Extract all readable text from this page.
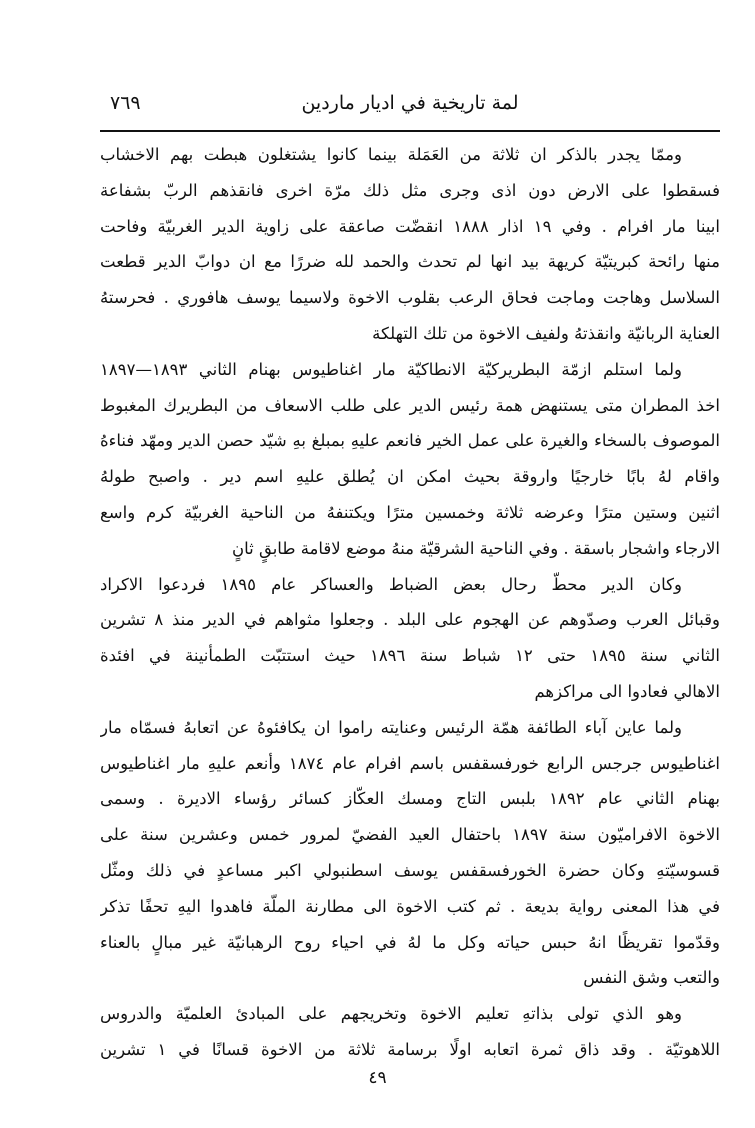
لمة تاريخية في اديار ماردين
٧٦٩
وممّا يجدر بالذكر ان ثلاثة من العَمَلة بينما كانوا يشتغلون هبطت بهم الاخشاب
فسقطوا على الارض دون اذى وجرى مثل ذلك مرّة اخرى فانقذهم الربّ بشفاعة
ابينا مار افرام . وفي ١٩ اذار ١٨٨٨ انقضّت صاعقة على زاوية الدير الغربيّة وفاحت
منها رائحة كبريتيّة كريهة بيد انها لم تحدث والحمد لله ضررًا مع ان دوابّ الدير قطعت
السلاسل وهاجت وماجت فحاق الرعب بقلوب الاخوة ولاسيما يوسف هافوري . فحرستهُ
العناية الربانيّة وانقذتهُ ولفيف الاخوة من تلك التهلكة
ولما استلم ازمّة البطريركيّة الانطاكيّة مار اغناطيوس بهنام الثاني ١٨٩٣—١٨٩٧
اخذ المطران متى يستنهض همة رئيس الدير على طلب الاسعاف من البطريرك المغبوط
الموصوف بالسخاء والغيرة على عمل الخير فانعم عليهِ بمبلغ بهِ شيّد حصن الدير ومهّد فناءهُ
واقام لهُ بابًا خارجيًا واروقة بحيث امكن ان يُطلق عليهِ اسم دير . واصبح طولهُ
اثنين وستين مترًا وعرضه ثلاثة وخمسين مترًا ويكتنفهُ من الناحية الغربيّة كرم واسع
الارجاء واشجار باسقة . وفي الناحية الشرقيّة منهُ موضع لاقامة طابقٍ ثانٍ
وكان الدير محطّ رحال بعض الضباط والعساكر عام ١٨٩٥ فردعوا الاكراد
وقبائل العرب وصدّوهم عن الهجوم على البلد . وجعلوا مثواهم في الدير منذ ٨ تشرين
الثاني سنة ١٨٩٥ حتى ١٢ شباط سنة ١٨٩٦ حيث استتبّت الطمأنينة في افئدة
الاهالي فعادوا الى مراكزهم
ولما عاين آباء الطائفة همّة الرئيس وعنايته راموا ان يكافئوهُ عن اتعابهُ فسمّاه مار
اغناطيوس جرجس الرابع خورفسقفس باسم افرام عام ١٨٧٤ وأنعم عليهِ مار اغناطيوس
بهنام الثاني عام ١٨٩٢ بلبس التاج ومسك العكّاز كسائر رؤساء الاديرة . وسمى
الاخوة الافراميّون سنة ١٨٩٧ باحتفال العيد الفضيّ لمرور خمس وعشرين سنة على
قسوسيّتهِ وكان حضرة الخورفسقفس يوسف اسطنبولي اكبر مساعدٍ في ذلك ومثّل
في هذا المعنى رواية بديعة . ثم كتب الاخوة الى مطارنة الملّة فاهدوا اليهِ تحفًا تذكر
وقدّموا تقريظًا انهُ حبس حياته وكل ما لهُ في احياء روح الرهبانيّة غير مبالٍ بالعناء
والتعب وشق النفس
وهو الذي تولى بذاتهِ تعليم الاخوة وتخريجهم على المبادئ العلميّة والدروس
اللاهوتيّة . وقد ذاق ثمرة اتعابه اولًا برسامة ثلاثة من الاخوة قسانًا في ١ تشرين
٤٩
